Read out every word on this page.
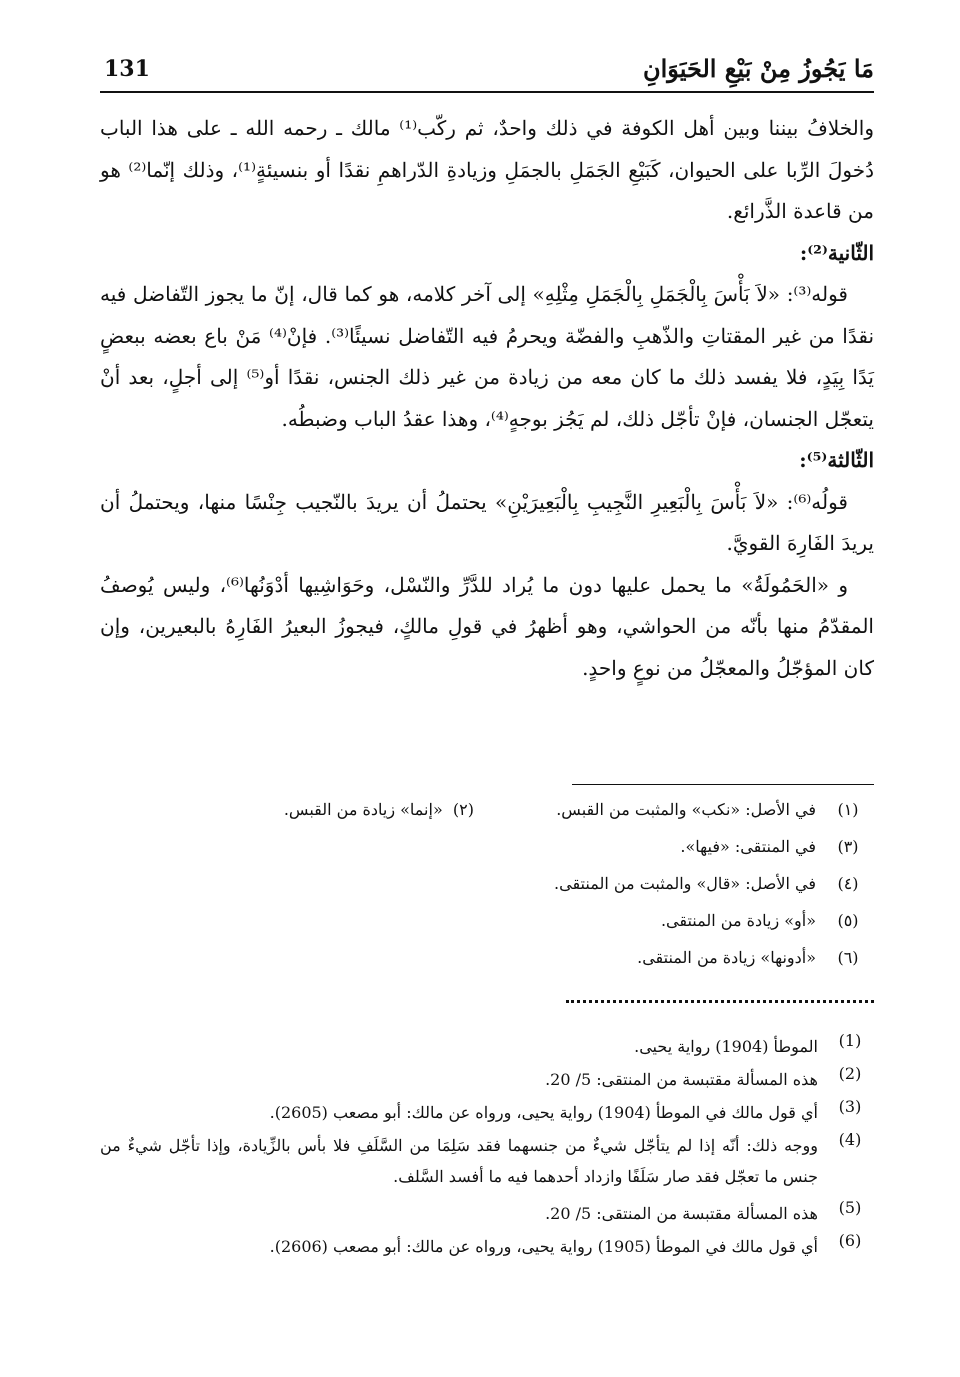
131	مَا يَجُوزُ مِنْ بَيْعِ الحَيَوَانِ

والخلافُ بيننا وبين أهل الكوفة في ذلك واحدٌ، ثم ركّب⁽¹⁾ مالك ـ رحمه الله ـ على هذا الباب دُخولَ الرِّبا على الحيوان، كَبَيْعِ الجَمَلِ بالجمَلِ وزيادةِ الدّراهمِ نقدًا أو بنسيئةٍ⁽¹⁾، وذلك إنّما⁽²⁾ هو من قاعدة الذَّرائع.

الثّانية⁽²⁾:

قوله⁽³⁾: «لاَ بَأْسَ بِالْجَمَلِ بِالْجَمَلِ مِثْلِهِ» إلى آخر كلامه، هو كما قال، إنّ ما يجوز التّفاضل فيه نقدًا من غير المقتاتِ والذّهبِ والفضّة ويحرمُ فيه التّفاضل نسيئًا⁽³⁾. فإنْ⁽⁴⁾ مَنْ باع بعضه ببعضٍ يَدًا بِيَدٍ، فلا يفسد ذلك ما كان معه من زيادة من غير ذلك الجنس، نقدًا أو⁽⁵⁾ إلى أجلٍ، بعد أنْ يتعجّل الجنسان، فإنْ تأجّل ذلك، لم يَجُز بوجهٍ⁽⁴⁾، وهذا عقدُ الباب وضبطُه.

الثّالثة⁽⁵⁾:

قولُه⁽⁶⁾: «لاَ بَأْسَ بِالْبَعِيرِ النَّجِيبِ بِالْبَعِيرَيْنِ» يحتملُ أن يريدَ بالنّجيب جِنْسًا منها، ويحتملُ أن يريدَ الفَارِهَ القويَّ.

و «الحَمُولَةُ» ما يحمل عليها دون ما يُراد للدَّرِّ والنّسْل، وحَوَاشِيها أدْوَنُها⁽⁶⁾، وليس يُوصفُ المقدّمُ منها بأنّه من الحواشي، وهو أظهرُ في قولِ مالكٍ، فيجوزُ البعيرُ الفَارِهُ بالبعيرين، وإن كان المؤجّلُ والمعجّلُ من نوعٍ واحدٍ.

(١)
في الأصل: «نكب» والمثبت من القبس.
(٢)  «إنما» زيادة من القبس.
(٣)
في المنتقى: «فيها».
(٤)
في الأصل: «قال» والمثبت من المنتقى.
(٥)
«أو» زيادة من المنتقى.
(٦)
«أدونها» زيادة من المنتقى.
(1)
الموطأ (1904) رواية يحيى.
(2)
هذه المسألة مقتبسة من المنتقى: 5/ 20.
(3)
أي قول مالك في الموطأ (1904) رواية يحيى، ورواه عن مالك: أبو مصعب (2605).
(4)
ووجه ذلك: أنّه إذا لم يتأجّل شيءٌ من جنسهما فقد سَلِمَا من السَّلَفِ فلا بأس بالزِّيادة، وإذا تأجّل شيءٌ من جنس ما تعجّل فقد صار سَلَفًا وازداد أحدهما فيه ما أفسد السَّلف.
(5)
هذه المسألة مقتبسة من المنتقى: 5/ 20.
(6)
أي قول مالك في الموطأ (1905) رواية يحيى، ورواه عن مالك: أبو مصعب (2606).
